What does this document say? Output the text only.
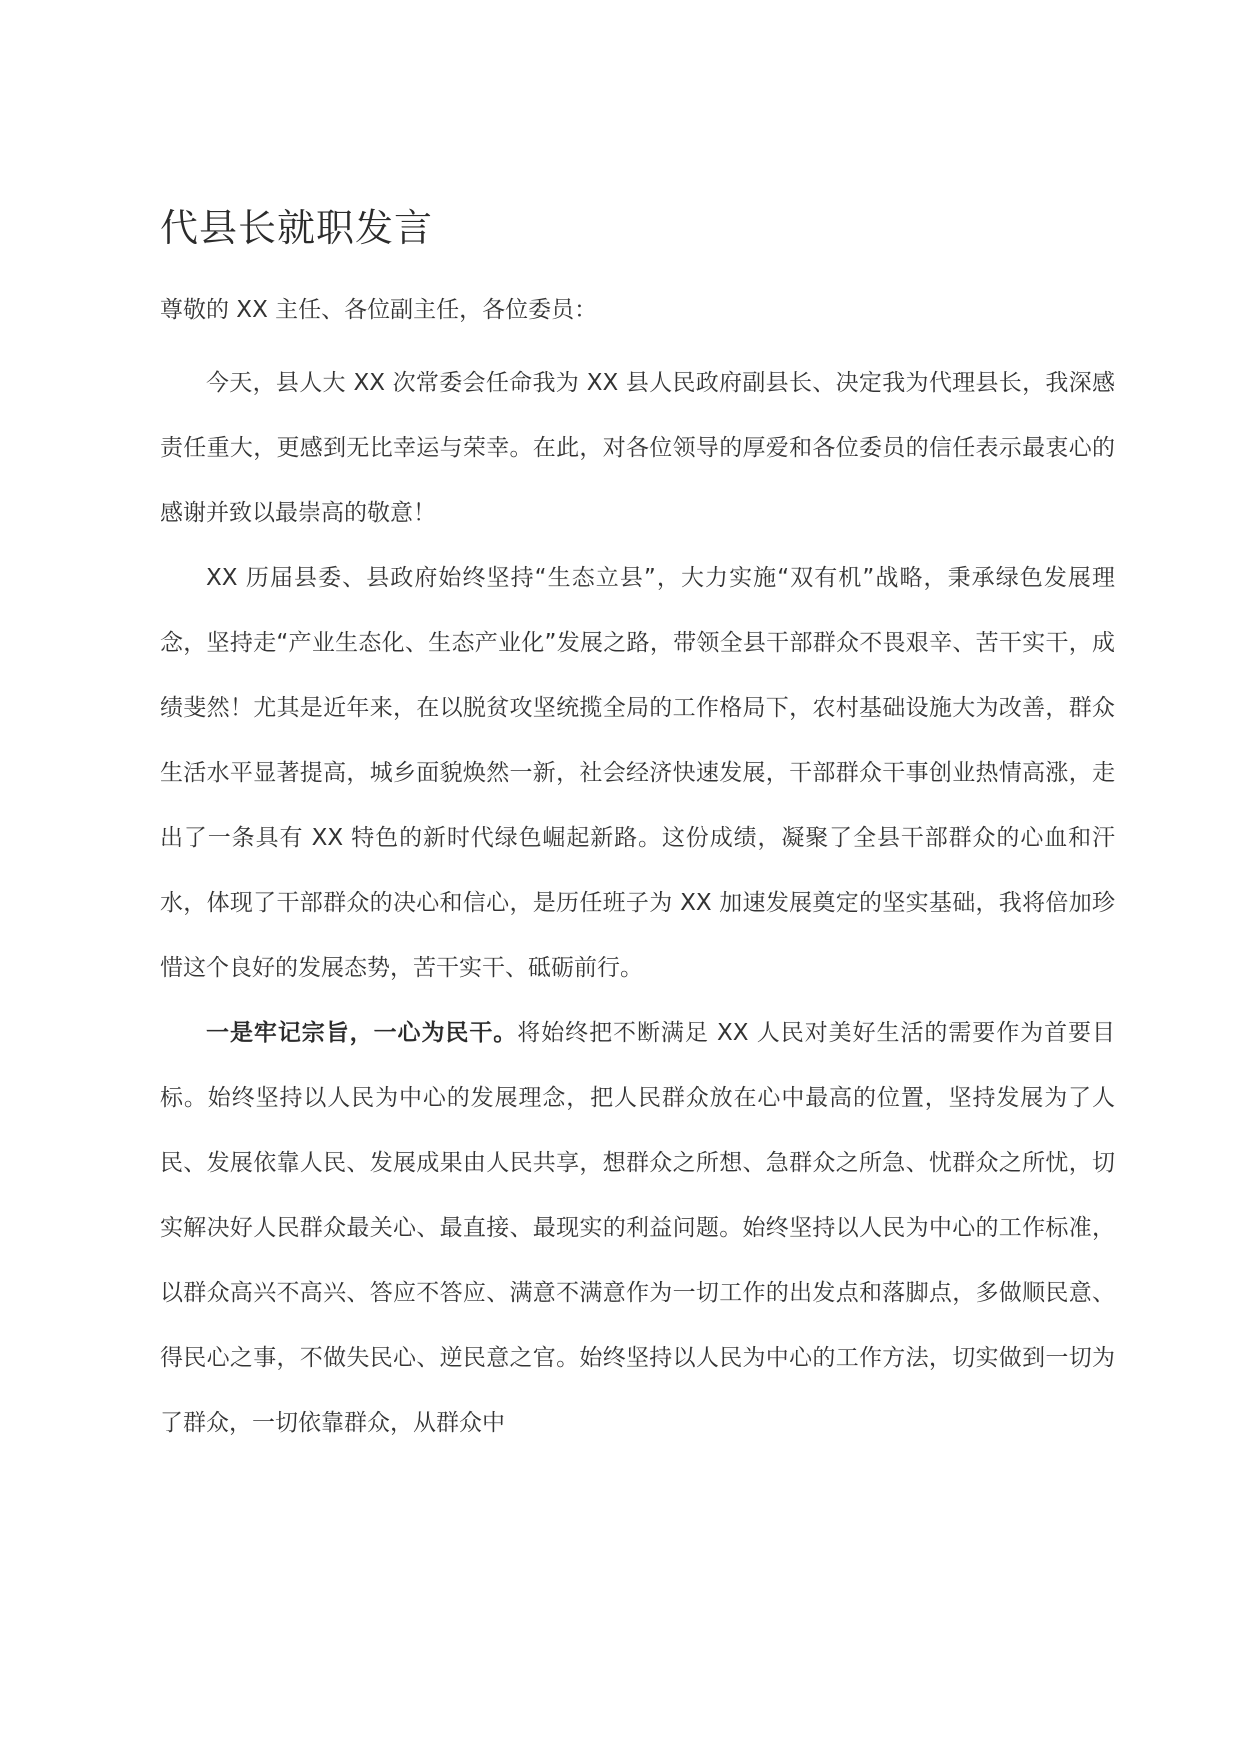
代县长就职发言

尊敬的 XX 主任、各位副主任，各位委员：

今天，县人大 XX 次常委会任命我为 XX 县人民政府副县长、决定我为代理县长，我深感责任重大，更感到无比幸运与荣幸。在此，对各位领导的厚爱和各位委员的信任表示最衷心的感谢并致以最崇高的敬意！

XX 历届县委、县政府始终坚持“生态立县”，大力实施“双有机”战略，秉承绿色发展理念，坚持走“产业生态化、生态产业化”发展之路，带领全县干部群众不畏艰辛、苦干实干，成绩斐然！尤其是近年来，在以脱贫攻坚统揽全局的工作格局下，农村基础设施大为改善，群众生活水平显著提高，城乡面貌焕然一新，社会经济快速发展，干部群众干事创业热情高涨，走出了一条具有 XX 特色的新时代绿色崛起新路。这份成绩，凝聚了全县干部群众的心血和汗水，体现了干部群众的决心和信心，是历任班子为 XX 加速发展奠定的坚实基础，我将倍加珍惜这个良好的发展态势，苦干实干、砥砺前行。

一是牢记宗旨，一心为民干。将始终把不断满足 XX 人民对美好生活的需要作为首要目标。始终坚持以人民为中心的发展理念，把人民群众放在心中最高的位置，坚持发展为了人民、发展依靠人民、发展成果由人民共享，想群众之所想、急群众之所急、忧群众之所忧，切实解决好人民群众最关心、最直接、最现实的利益问题。始终坚持以人民为中心的工作标准，以群众高兴不高兴、答应不答应、满意不满意作为一切工作的出发点和落脚点，多做顺民意、得民心之事，不做失民心、逆民意之官。始终坚持以人民为中心的工作方法，切实做到一切为了群众，一切依靠群众，从群众中
